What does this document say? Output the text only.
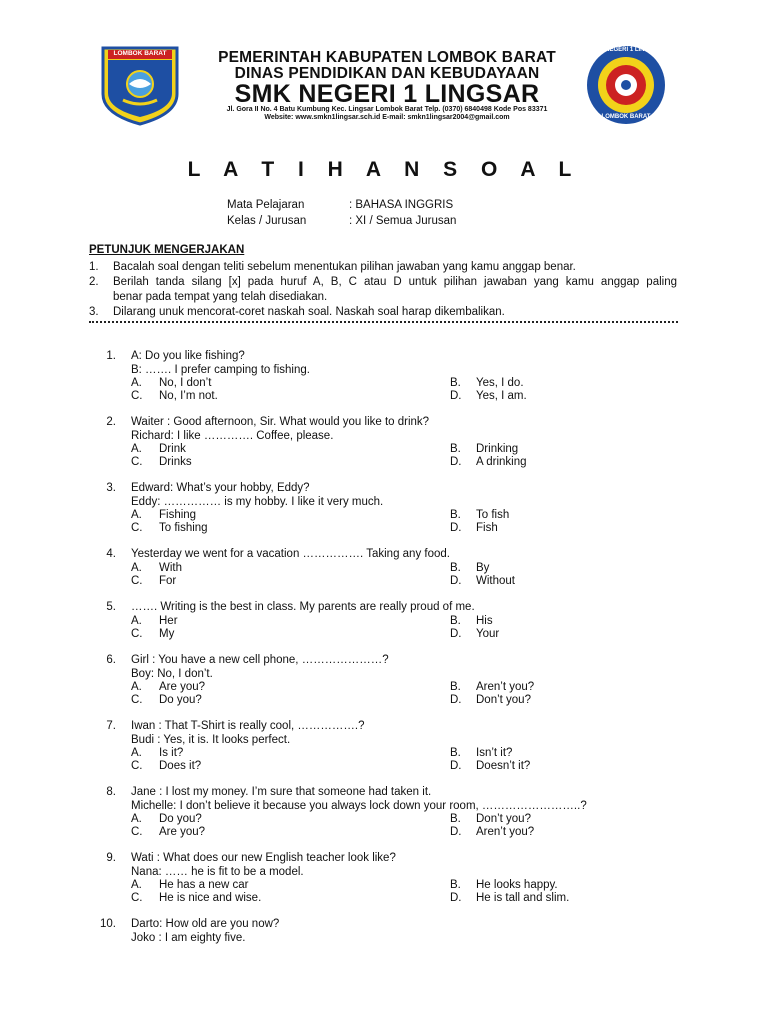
LOMBOK BARAT	SMK NEGERI 1 LINGSAR
LOMBOK BARAT
PEMERINTAH KABUPATEN LOMBOK BARAT
DINAS PENDIDIKAN DAN KEBUDAYAAN
SMK NEGERI 1 LINGSAR
Jl. Gora II No. 4 Batu Kumbung Kec. Lingsar Lombok Barat Telp. (0370) 6840498 Kode Pos 83371
Website: www.smkn1lingsar.sch.id E-mail: smkn1lingsar2004@gmail.com
L A T I H A N S O A L
Mata Pelajaran	: BAHASA INGGRIS
Kelas / Jurusan	: XI / Semua Jurusan
PETUNJUK MENGERJAKAN
1. Bacalah soal dengan teliti sebelum menentukan pilihan jawaban yang kamu anggap benar.
2. Berilah tanda silang [x] pada huruf A, B, C atau D untuk pilihan jawaban yang kamu anggap paling
benar pada tempat yang telah disediakan.
3. Dilarang unuk mencorat-coret naskah soal. Naskah soal harap dikembalikan.
1. A: Do you like fishing?
B: ……. I prefer camping to fishing.
A. No, I don’t	B. Yes, I do.
C. No, I’m not.	D. Yes, I am.
2. Waiter : Good afternoon, Sir. What would you like to drink?
Richard: I like …………. Coffee, please.
A. Drink	B. Drinking
C. Drinks	D. A drinking
3. Edward: What’s your hobby, Eddy?
Eddy: …………… is my hobby. I like it very much.
A. Fishing	B. To fish
C. To fishing	D. Fish
4. Yesterday we went for a vacation ……………. Taking any food.
A. With	B. By
C. For	D. Without
5. ……. Writing is the best in class. My parents are really proud of me.
A. Her	B. His
C. My	D. Your
6. Girl : You have a new cell phone, …………………?
Boy: No, I don’t.
A. Are you?	B. Aren’t you?
C. Do you?	D. Don’t you?
7. Iwan : That T-Shirt is really cool, …………….?
Budi : Yes, it is. It looks perfect.
A. Is it?	B. Isn’t it?
C. Does it?	D. Doesn’t it?
8. Jane : I lost my money. I’m sure that someone had taken it.
Michelle: I don’t believe it because you always lock down your room, ……………………..?
A. Do you?	B. Don’t you?
C. Are you?	D. Aren’t you?
9. Wati : What does our new English teacher look like?
Nana: …… he is fit to be a model.
A. He has a new car	B. He looks happy.
C. He is nice and wise.	D. He is tall and slim.
10. Darto: How old are you now?
Joko : I am eighty five.
